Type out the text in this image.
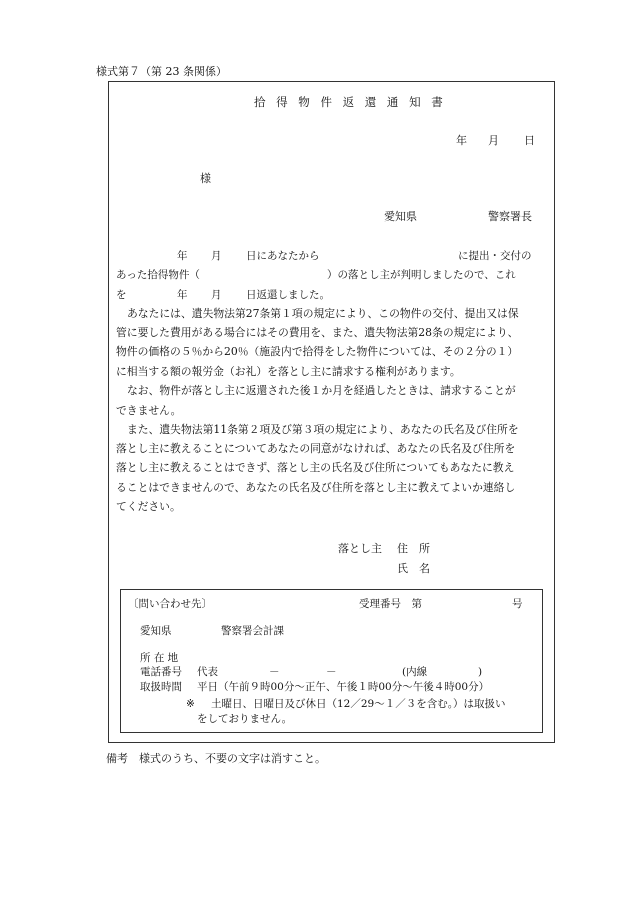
様式第７（第 23 条関係）
拾 得 物 件 返 還 通 知 書
年 月 日
様
愛知県	警察署長
年 月 日にあなたから	に提出・交付の
あった拾得物件（	）の落とし主が判明しましたので、これ
を	年 月 日返還しました。
あなたには、遺失物法第27条第１項の規定により、この物件の交付、提出又は保
管に要した費用がある場合にはその費用を、また、遺失物法第28条の規定により、
物件の価格の５％から20％（施設内で拾得をした物件については、その２分の１）
に相当する額の報労金（お礼）を落とし主に請求する権利があります。
なお、物件が落とし主に返還された後１か月を経過したときは、請求することが
できません。
また、遺失物法第11条第２項及び第３項の規定により、あなたの氏名及び住所を
落とし主に教えることについてあなたの同意がなければ、あなたの氏名及び住所を
落とし主に教えることはできず、落とし主の氏名及び住所についてもあなたに教え
ることはできませんので、あなたの氏名及び住所を落とし主に教えてよいか連絡し
てください。
落とし主 住　所
氏　名
〔問い合わせ先〕	受理番号　第	号
愛知県	警察署会計課
所 在 地
電話番号 代表	－	－	(内線	)
取扱時間 平日（午前９時00分～正午、午後１時00分～午後４時00分）
※ 土曜日、日曜日及び休日（12／29～１／３を含む。）は取扱い
をしておりません。
備考　様式のうち、不要の文字は消すこと。
